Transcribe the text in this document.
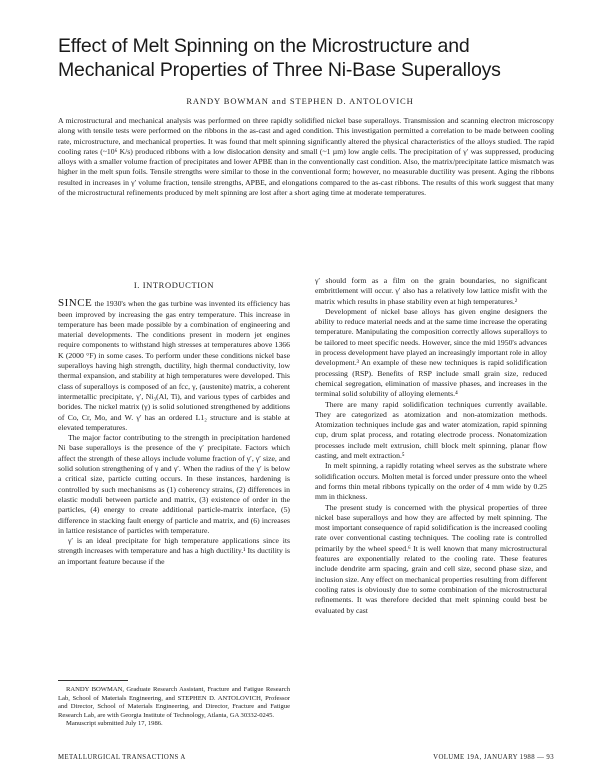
Effect of Melt Spinning on the Microstructure and Mechanical Properties of Three Ni-Base Superalloys
RANDY BOWMAN and STEPHEN D. ANTOLOVICH
A microstructural and mechanical analysis was performed on three rapidly solidified nickel base superalloys. Transmission and scanning electron microscopy along with tensile tests were performed on the ribbons in the as-cast and aged condition. This investigation permitted a correlation to be made between cooling rate, microstructure, and mechanical properties. It was found that melt spinning significantly altered the physical characteristics of the alloys studied. The rapid cooling rates (~10⁶ K/s) produced ribbons with a low dislocation density and small (~1 µm) low angle cells. The precipitation of γ′ was suppressed, producing alloys with a smaller volume fraction of precipitates and lower APBE than in the conventionally cast condition. Also, the matrix/precipitate lattice mismatch was higher in the melt spun foils. Tensile strengths were similar to those in the conventional form; however, no measurable ductility was present. Aging the ribbons resulted in increases in γ′ volume fraction, tensile strengths, APBE, and elongations compared to the as-cast ribbons. The results of this work suggest that many of the microstructural refinements produced by melt spinning are lost after a short aging time at moderate temperatures.
I. INTRODUCTION

SINCE the 1930's when the gas turbine was invented its efficiency has been improved by increasing the gas entry temperature. This increase in temperature has been made possible by a combination of engineering and material developments. The conditions present in modern jet engines require components to withstand high stresses at temperatures above 1366 K (2000 °F) in some cases. To perform under these conditions nickel base superalloys having high strength, ductility, high thermal conductivity, low thermal expansion, and stability at high temperatures were developed. This class of superalloys is composed of an fcc, γ, (austenite) matrix, a coherent intermetallic precipitate, γ′, Ni₃(Al, Ti), and various types of carbides and borides. The nickel matrix (γ) is solid solutioned strengthened by additions of Co, Cr, Mo, and W. γ′ has an ordered L1₂ structure and is stable at elevated temperatures.

The major factor contributing to the strength in precipitation hardened Ni base superalloys is the presence of the γ′ precipitate. Factors which affect the strength of these alloys include volume fraction of γ′, γ′ size, and solid solution strengthening of γ and γ′. When the radius of the γ′ is below a critical size, particle cutting occurs. In these instances, hardening is controlled by such mechanisms as (1) coherency strains, (2) differences in elastic moduli between particle and matrix, (3) existence of order in the particles, (4) energy to create additional particle-matrix interface, (5) difference in stacking fault energy of particle and matrix, and (6) increases in lattice resistance of particles with temperature.

γ′ is an ideal precipitate for high temperature applications since its strength increases with temperature and has a high ductility.¹ Its ductility is an important feature because if the

γ′ should form as a film on the grain boundaries, no significant embrittlement will occur. γ′ also has a relatively low lattice misfit with the matrix which results in phase stability even at high temperatures.²

Development of nickel base alloys has given engine designers the ability to reduce material needs and at the same time increase the operating temperature. Manipulating the composition correctly allows superalloys to be tailored to meet specific needs. However, since the mid 1950's advances in process development have played an increasingly important role in alloy development.³ An example of these new techniques is rapid solidification processing (RSP). Benefits of RSP include small grain size, reduced chemical segregation, elimination of massive phases, and increases in the terminal solid solubility of alloying elements.⁴

There are many rapid solidification techniques currently available. They are categorized as atomization and non-atomization methods. Atomization techniques include gas and water atomization, rapid spinning cup, drum splat process, and rotating electrode process. Nonatomization processes include melt extrusion, chill block melt spinning, planar flow casting, and melt extraction.⁵

In melt spinning, a rapidly rotating wheel serves as the substrate where solidification occurs. Molten metal is forced under pressure onto the wheel and forms thin metal ribbons typically on the order of 4 mm wide by 0.25 mm in thickness.

The present study is concerned with the physical properties of three nickel base superalloys and how they are affected by melt spinning. The most important consequence of rapid solidification is the increased cooling rate over conventional casting techniques. The cooling rate is controlled primarily by the wheel speed.⁶ It is well known that many microstructural features are exponentially related to the cooling rate. These features include dendrite arm spacing, grain and cell size, second phase size, and inclusion size. Any effect on mechanical properties resulting from different cooling rates is obviously due to some combination of the microstructural refinements. It was therefore decided that melt spinning could best be evaluated by cast

RANDY BOWMAN, Graduate Research Assistant, Fracture and Fatigue Research Lab, School of Materials Engineering, and STEPHEN D. ANTOLOVICH, Professor and Director, School of Materials Engineering, and Director, Fracture and Fatigue Research Lab, are with Georgia Institute of Technology, Atlanta, GA 30332-0245.

Manuscript submitted July 17, 1986.

METALLURGICAL TRANSACTIONS A	VOLUME 19A, JANUARY 1988 — 93
